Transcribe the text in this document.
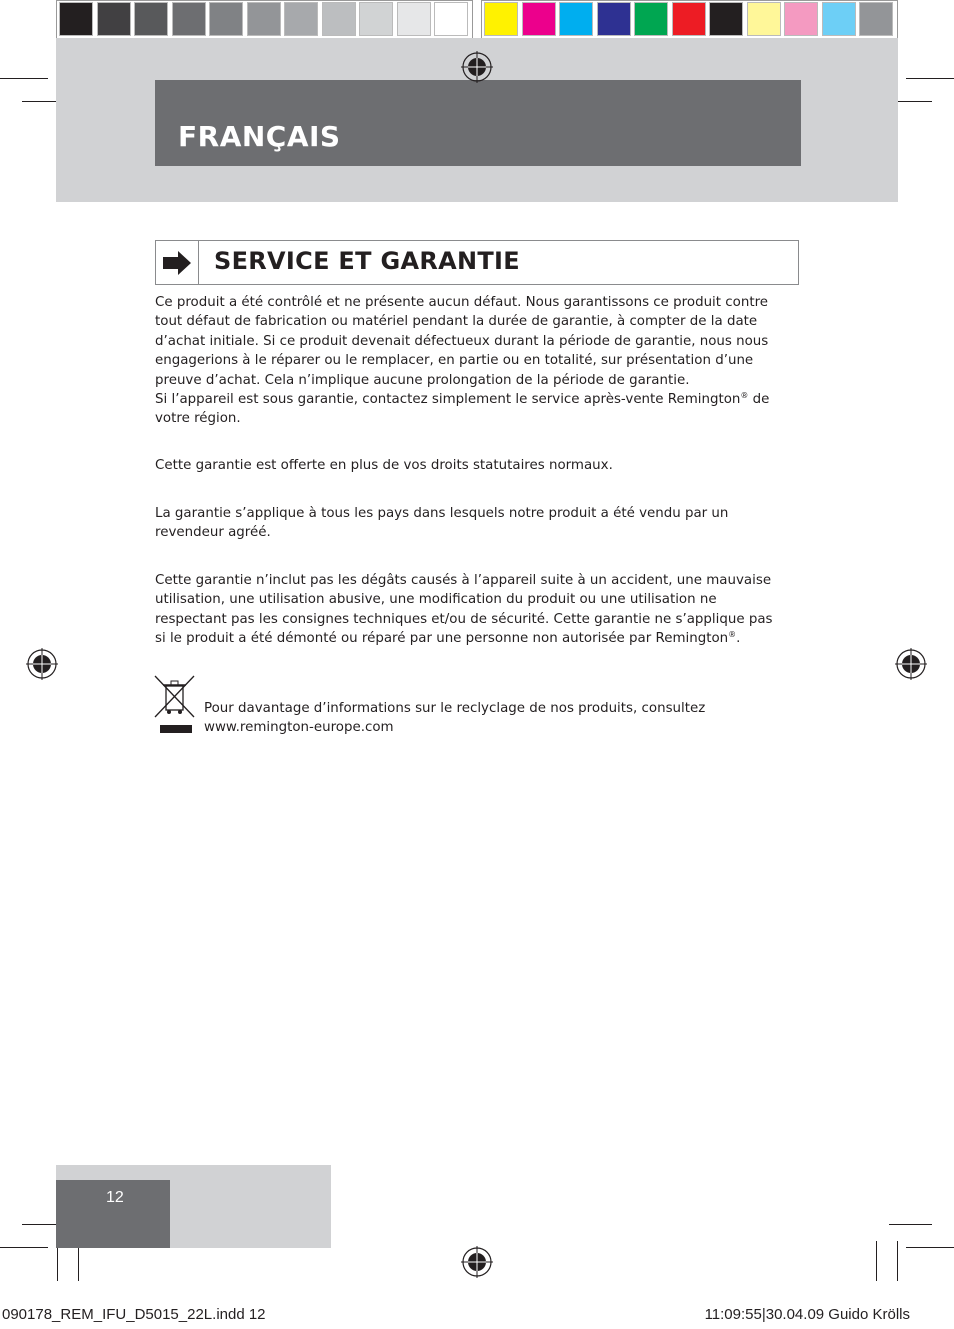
FRANÇAIS
SERVICE ET GARANTIE
Ce produit a été contrôlé et ne présente aucun défaut. Nous garantissons ce produit contre tout défaut de fabrication ou matériel pendant la durée de garantie, à compter de la date d’achat initiale. Si ce produit devenait défectueux durant la période de garantie, nous nous engagerions à le réparer ou le remplacer, en partie ou en totalité, sur présentation d’une preuve d’achat. Cela n’implique aucune prolongation de la période de garantie.
Si l’appareil est sous garantie, contactez simplement le service après-vente Remington® de votre région.
Cette garantie est offerte en plus de vos droits statutaires normaux.
La garantie s’applique à tous les pays dans lesquels notre produit a été vendu par un revendeur agréé.
Cette garantie n’inclut pas les dégâts causés à l’appareil suite à un accident, une mauvaise utilisation, une utilisation abusive, une modification du produit ou une utilisation ne respectant pas les consignes techniques et/ou de sécurité. Cette garantie ne s’applique pas si le produit a été démonté ou réparé par une personne non autorisée par Remington®.
Pour davantage d’informations sur le reclyclage de nos produits, consultez
www.remington-europe.com
12
090178_REM_IFU_D5015_22L.indd 12	11:09:55|30.04.09 Guido Krölls
